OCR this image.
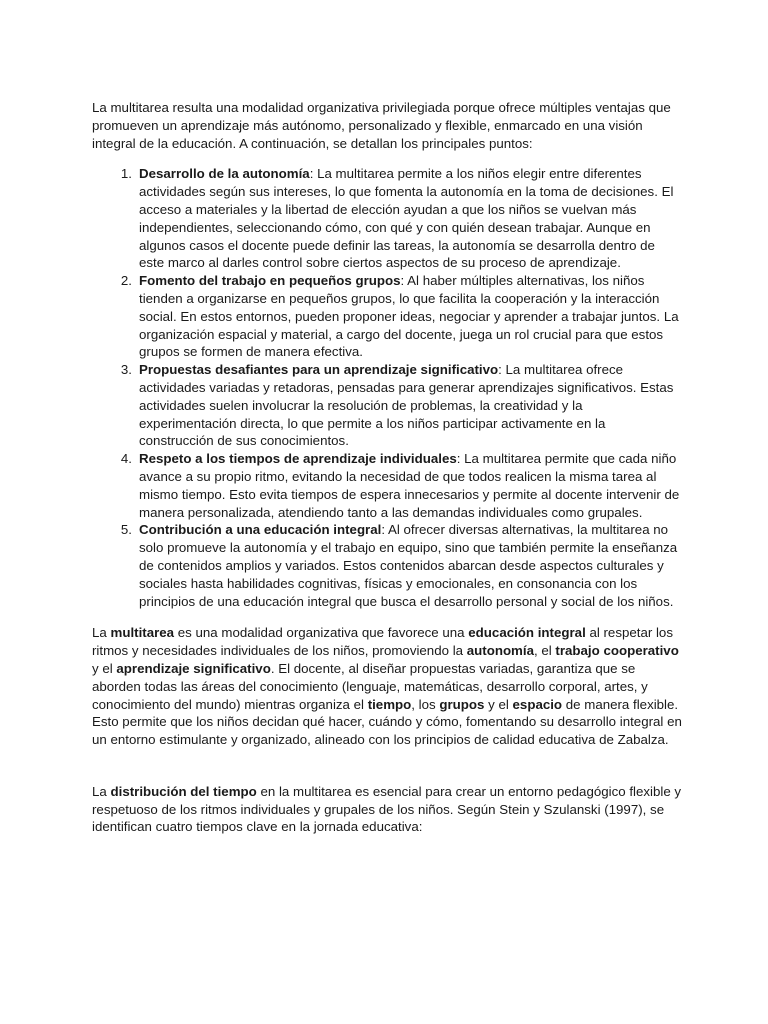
La multitarea resulta una modalidad organizativa privilegiada porque ofrece múltiples ventajas que promueven un aprendizaje más autónomo, personalizado y flexible, enmarcado en una visión integral de la educación. A continuación, se detallan los principales puntos:

1 . Desarrollo de la autonomía: La multitarea permite a los niños elegir entre diferentes actividades según sus intereses, lo que fomenta la autonomía en la toma de decisiones. El acceso a materiales y la libertad de elección ayudan a que los niños se vuelvan más independientes, seleccionando cómo, con qué y con quién desean trabajar. Aunque en algunos casos el docente puede definir las tareas, la autonomía se desarrolla dentro de este marco al darles control sobre ciertos aspectos de su proceso de aprendizaje.
2 . Fomento del trabajo en pequeños grupos: Al haber múltiples alternativas, los niños tienden a organizarse en pequeños grupos, lo que facilita la cooperación y la interacción social. En estos entornos, pueden proponer ideas, negociar y aprender a trabajar juntos. La organización espacial y material, a cargo del docente, juega un rol crucial para que estos grupos se formen de manera efectiva.
3 . Propuestas desafiantes para un aprendizaje significativo: La multitarea ofrece actividades variadas y retadoras, pensadas para generar aprendizajes significativos. Estas actividades suelen involucrar la resolución de problemas, la creatividad y la experimentación directa, lo que permite a los niños participar activamente en la construcción de sus conocimientos.
4 . Respeto a los tiempos de aprendizaje individuales: La multitarea permite que cada niño avance a su propio ritmo, evitando la necesidad de que todos realicen la misma tarea al mismo tiempo. Esto evita tiempos de espera innecesarios y permite al docente intervenir de manera personalizada, atendiendo tanto a las demandas individuales como grupales.
5 . Contribución a una educación integral: Al ofrecer diversas alternativas, la multitarea no solo promueve la autonomía y el trabajo en equipo, sino que también permite la enseñanza de contenidos amplios y variados. Estos contenidos abarcan desde aspectos culturales y sociales hasta habilidades cognitivas, físicas y emocionales, en consonancia con los principios de una educación integral que busca el desarrollo personal y social de los niños.

La multitarea es una modalidad organizativa que favorece una educación integral al respetar los ritmos y necesidades individuales de los niños, promoviendo la autonomía, el trabajo cooperativo y el aprendizaje significativo. El docente, al diseñar propuestas variadas, garantiza que se aborden todas las áreas del conocimiento (lenguaje, matemáticas, desarrollo corporal, artes, y conocimiento del mundo) mientras organiza el tiempo, los grupos y el espacio de manera flexible. Esto permite que los niños decidan qué hacer, cuándo y cómo, fomentando su desarrollo integral en un entorno estimulante y organizado, alineado con los principios de calidad educativa de Zabalza.

La distribución del tiempo en la multitarea es esencial para crear un entorno pedagógico flexible y respetuoso de los ritmos individuales y grupales de los niños. Según Stein y Szulanski (1997), se identifican cuatro tiempos clave en la jornada educativa:
